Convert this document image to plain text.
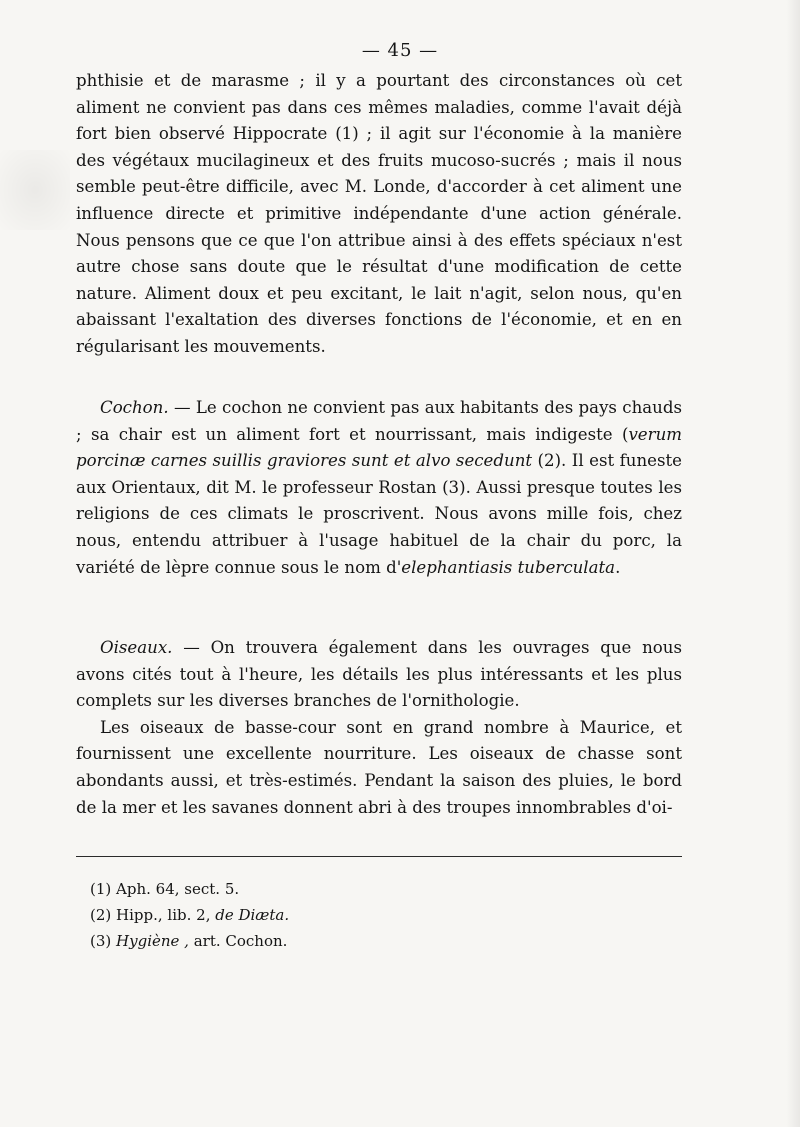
— 45 —

phthisie et de marasme ; il y a pourtant des circonstances où cet aliment ne convient pas dans ces mêmes maladies, comme l'avait déjà fort bien observé Hippocrate (1) ; il agit sur l'économie à la manière des végétaux mucilagineux et des fruits mucoso-sucrés ; mais il nous semble peut-être difficile, avec M. Londe, d'accorder à cet aliment une influence directe et primitive indépendante d'une action générale. Nous pensons que ce que l'on attribue ainsi à des effets spéciaux n'est autre chose sans doute que le résultat d'une modification de cette nature. Aliment doux et peu excitant, le lait n'agit, selon nous, qu'en abaissant l'exaltation des diverses fonctions de l'économie, et en en régularisant les mouvements.

Cochon. — Le cochon ne convient pas aux habitants des pays chauds ; sa chair est un aliment fort et nourrissant, mais indigeste (verum porcinæ carnes suillis graviores sunt et alvo secedunt (2). Il est funeste aux Orientaux, dit M. le professeur Rostan (3). Aussi presque toutes les religions de ces climats le proscrivent. Nous avons mille fois, chez nous, entendu attribuer à l'usage habituel de la chair du porc, la variété de lèpre connue sous le nom d'elephantiasis tuberculata.

Oiseaux. — On trouvera également dans les ouvrages que nous avons cités tout à l'heure, les détails les plus intéressants et les plus complets sur les diverses branches de l'ornithologie.

Les oiseaux de basse-cour sont en grand nombre à Maurice, et fournissent une excellente nourriture. Les oiseaux de chasse sont abondants aussi, et très-estimés. Pendant la saison des pluies, le bord de la mer et les savanes donnent abri à des troupes innombrables d'oi-

(1) Aph. 64, sect. 5.
(2) Hipp., lib. 2, de Diæta.
(3) Hygiène , art. Cochon.
